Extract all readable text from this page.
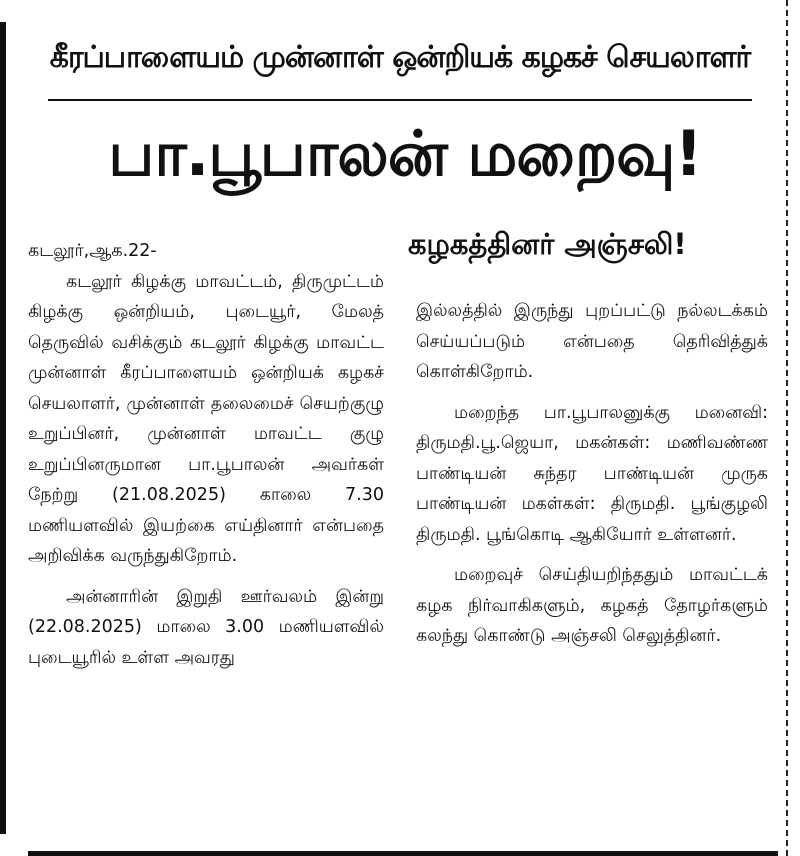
கீரப்பாளையம் முன்னாள் ஒன்றியக் கழகச் செயலாளர்
பா.பூபாலன் மறைவு!
கழகத்தினர் அஞ்சலி!

கடலூர்,ஆக.22-

கடலூர் கிழக்கு மாவட்டம், திருமுட்டம் கிழக்கு ஒன்றியம், புடையூர், மேலத் தெருவில் வசிக்கும் கடலூர் கிழக்கு மாவட்ட முன்னாள் கீரப்பாளையம் ஒன்றியக் கழகச் செயலாளர், முன்னாள் தலைமைச் செயற்குழு உறுப்பினர், முன்னாள் மாவட்ட குழு உறுப்பினருமான பா.பூபாலன் அவர்கள் நேற்று (21.08.2025) காலை 7.30 மணியளவில் இயற்கை எய்தினார் என்பதை அறிவிக்க வருந்துகிறோம்.

அன்னாரின் இறுதி ஊர்வலம் இன்று (22.08.2025) மாலை 3.00 மணியளவில் புடையூரில் உள்ள அவரது

இல்லத்தில் இருந்து புறப்பட்டு நல்லடக்கம் செய்யப்படும் என்பதை தெரிவித்துக் கொள்கிறோம்.

மறைந்த பா.பூபாலனுக்கு மனைவி: திருமதி.பூ.ஜெயா, மகன்கள்: மணிவண்ண பாண்டியன் சுந்தர பாண்டியன் முருக பாண்டியன் மகள்கள்: திருமதி. பூங்குழலி திருமதி. பூங்கொடி ஆகியோர் உள்ளனர்.

மறைவுச் செய்தியறிந்ததும் மாவட்டக் கழக நிர்வாகிகளும், கழகத் தோழர்களும் கலந்து கொண்டு அஞ்சலி செலுத்தினர்.
